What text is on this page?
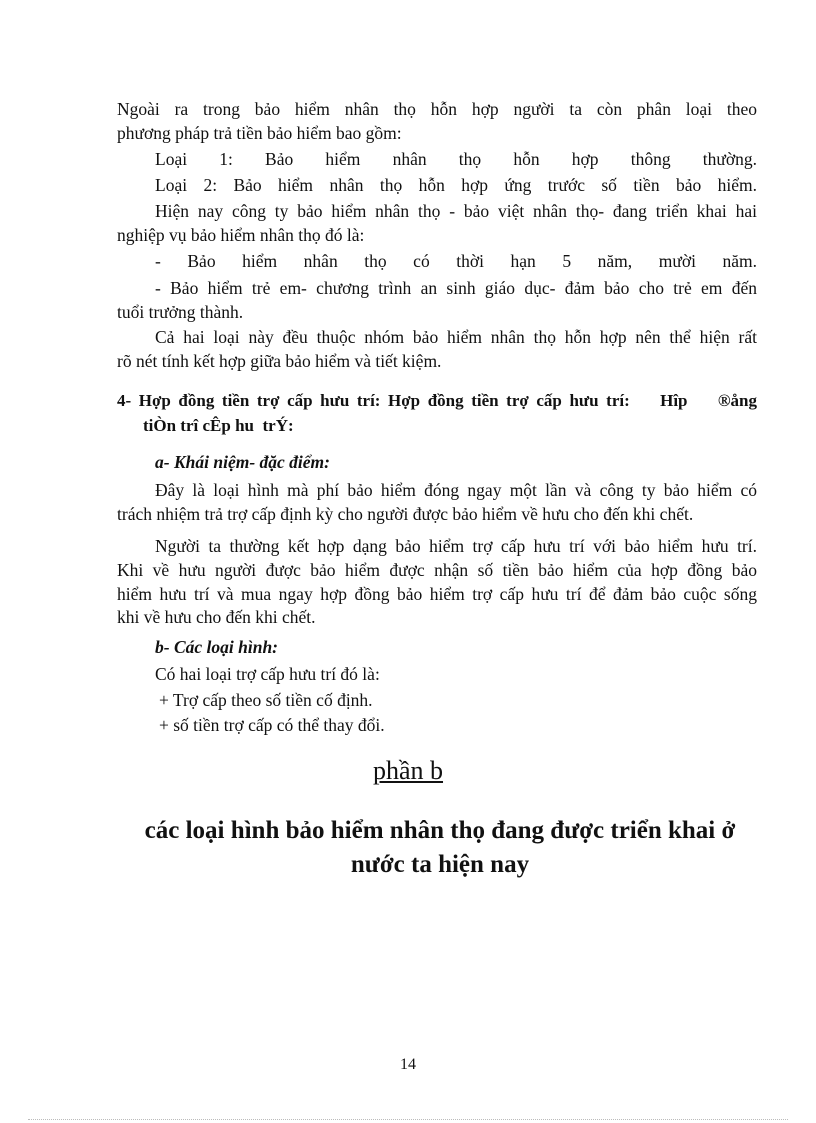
Ngoài ra trong bảo hiểm nhân thọ hỗn hợp người ta còn phân loại theo

phương pháp trả tiền bảo hiểm bao gồm:

Loại 1: Bảo hiểm nhân thọ hỗn hợp thông thường.

Loại 2: Bảo hiểm nhân thọ hỗn hợp ứng trước số tiền bảo hiểm.

Hiện nay công ty bảo hiểm nhân thọ - bảo việt nhân thọ- đang triển khai hai

nghiệp vụ bảo hiểm nhân thọ đó là:

- Bảo hiểm nhân thọ có thời hạn 5 năm, mười năm.

- Bảo hiểm trẻ em- chương trình an sinh giáo dục- đảm bảo cho trẻ em đến

tuổi trưởng thành.

Cả hai loại này đều thuộc nhóm bảo hiểm nhân thọ hỗn hợp nên thể hiện rất

rõ nét tính kết hợp giữa bảo hiểm và tiết kiệm.

4- Hợp đồng tiền trợ cấp hưu trí: Hợp đồng tiền trợ cấp hưu trí:    Hîp    ®ång

tiÒn trî cÊp hu  trÝ:

a- Khái niệm- đặc điểm:

Đây là loại hình mà phí bảo hiểm đóng ngay một lần và công ty bảo hiểm có

trách nhiệm trả trợ cấp định kỳ cho người được bảo hiểm về hưu cho đến khi chết.

Người ta thường kết hợp dạng bảo hiểm trợ cấp hưu trí với bảo hiểm hưu trí.

Khi về hưu người được bảo hiểm được nhận số tiền bảo hiểm của hợp đồng bảo

hiểm hưu trí và mua ngay hợp đồng bảo hiểm trợ cấp hưu trí để đảm bảo cuộc sống

khi về hưu cho đến khi chết.

b- Các loại hình:

Có hai loại trợ cấp hưu trí đó là:

+ Trợ cấp theo số tiền cố định.

+ số tiền trợ cấp có thể thay đổi.

phần b
các loại hình bảo hiểm nhân thọ đang được triển khai ở
nước ta hiện nay
14
